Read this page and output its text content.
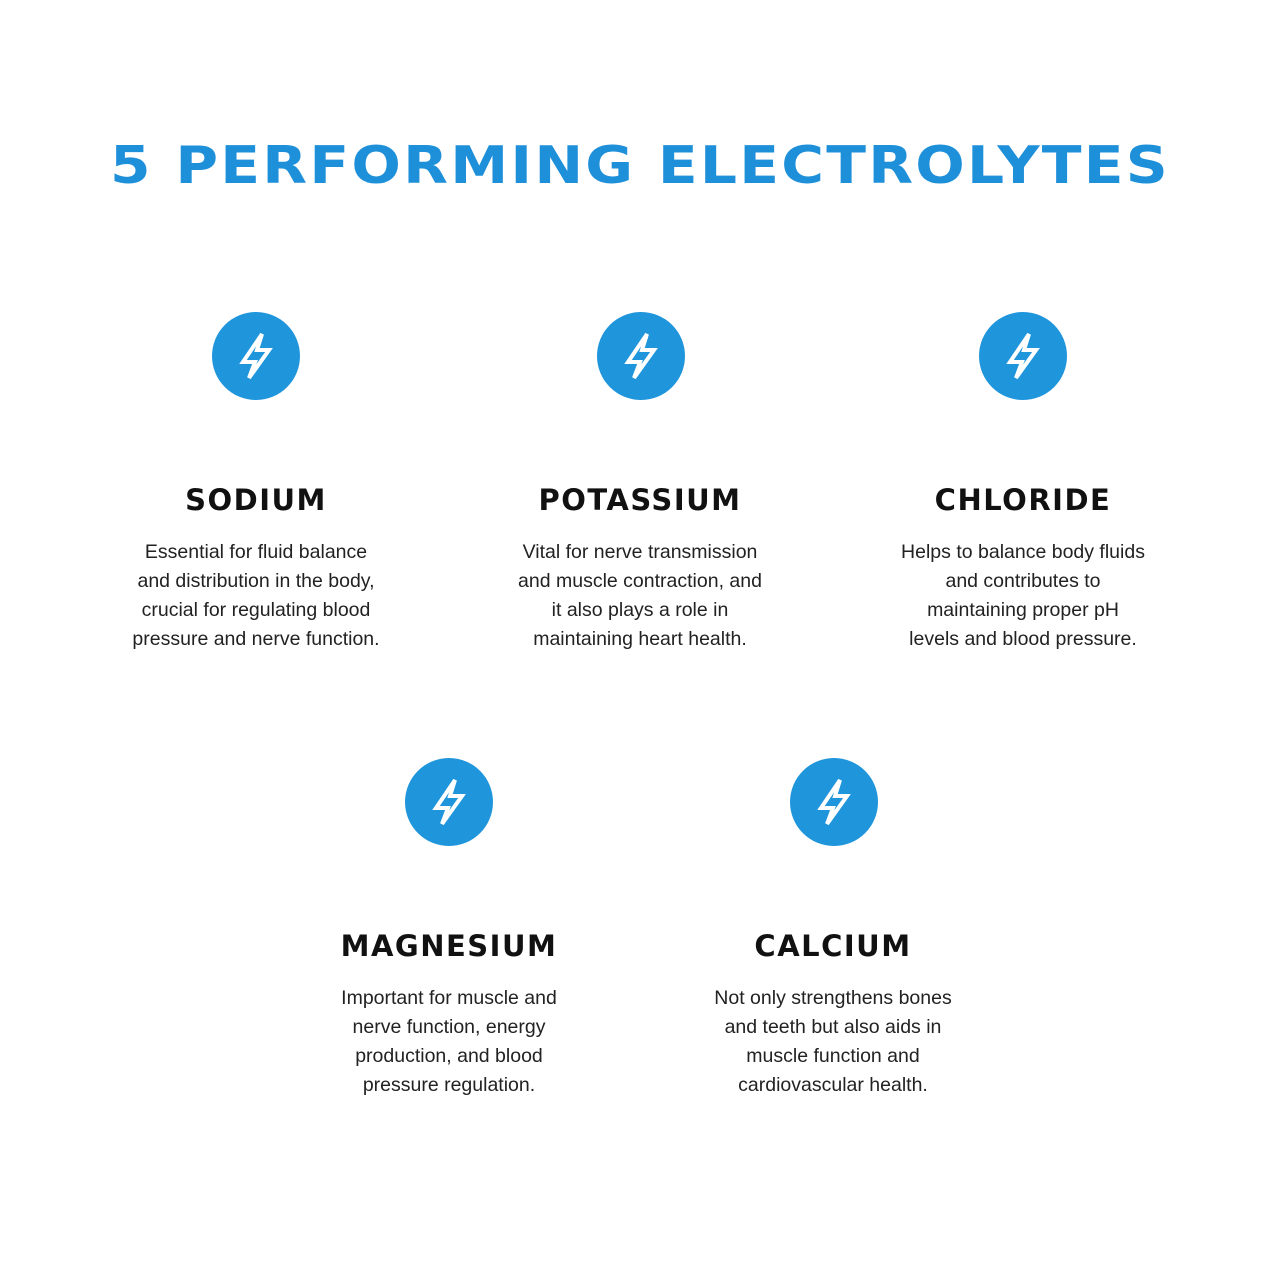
5 PERFORMING ELECTROLYTES
SODIUM
Essential for fluid balance
and distribution in the body,
crucial for regulating blood
pressure and nerve function.
POTASSIUM
Vital for nerve transmission
and muscle contraction, and
it also plays a role in
maintaining heart health.
CHLORIDE
Helps to balance body fluids
and contributes to
maintaining proper pH
levels and blood pressure.
MAGNESIUM
Important for muscle and
nerve function, energy
production, and blood
pressure regulation.
CALCIUM
Not only strengthens bones
and teeth but also aids in
muscle function and
cardiovascular health.
